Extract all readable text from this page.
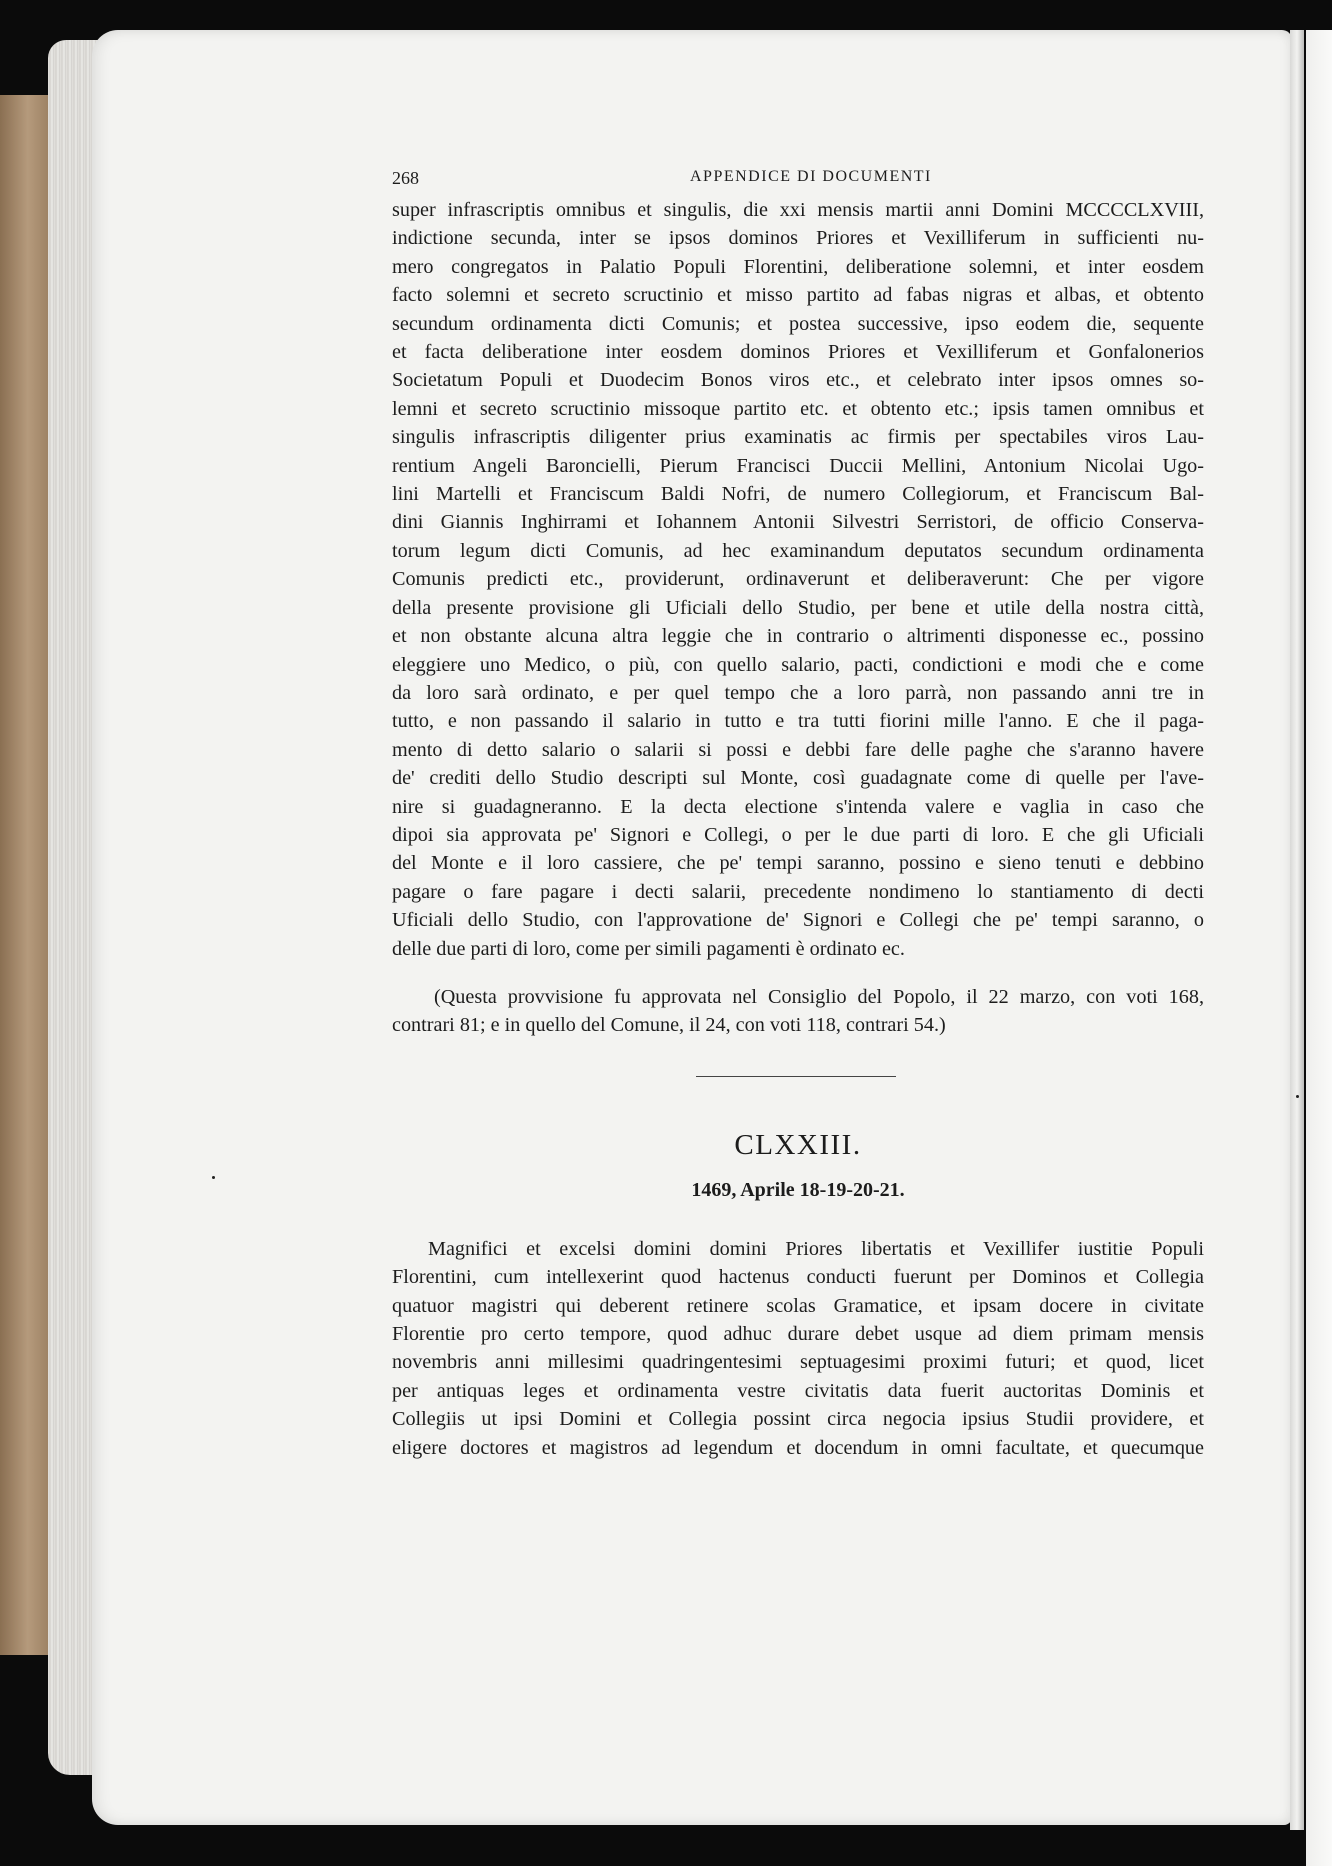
268	APPENDICE DI DOCUMENTI
super infrascriptis omnibus et singulis, die xxi mensis martii anni Domini MCCCCLXVIII,
indictione secunda, inter se ipsos dominos Priores et Vexilliferum in sufficienti nu-
mero congregatos in Palatio Populi Florentini, deliberatione solemni, et inter eosdem
facto solemni et secreto scructinio et misso partito ad fabas nigras et albas, et obtento
secundum ordinamenta dicti Comunis; et postea successive, ipso eodem die, sequente
et facta deliberatione inter eosdem dominos Priores et Vexilliferum et Gonfalonerios
Societatum Populi et Duodecim Bonos viros etc., et celebrato inter ipsos omnes so-
lemni et secreto scructinio missoque partito etc. et obtento etc.; ipsis tamen omnibus et
singulis infrascriptis diligenter prius examinatis ac firmis per spectabiles viros Lau-
rentium Angeli Baroncielli, Pierum Francisci Duccii Mellini, Antonium Nicolai Ugo-
lini Martelli et Franciscum Baldi Nofri, de numero Collegiorum, et Franciscum Bal-
dini Giannis Inghirrami et Iohannem Antonii Silvestri Serristori, de officio Conserva-
torum legum dicti Comunis, ad hec examinandum deputatos secundum ordinamenta
Comunis predicti etc., providerunt, ordinaverunt et deliberaverunt: Che per vigore
della presente provisione gli Uficiali dello Studio, per bene et utile della nostra città,
et non obstante alcuna altra leggie che in contrario o altrimenti disponesse ec., possino
eleggiere uno Medico, o più, con quello salario, pacti, condictioni e modi che e come
da loro sarà ordinato, e per quel tempo che a loro parrà, non passando anni tre in
tutto, e non passando il salario in tutto e tra tutti fiorini mille l'anno. E che il paga-
mento di detto salario o salarii si possi e debbi fare delle paghe che s'aranno havere
de' crediti dello Studio descripti sul Monte, così guadagnate come di quelle per l'ave-
nire si guadagneranno. E la decta electione s'intenda valere e vaglia in caso che
dipoi sia approvata pe' Signori e Collegi, o per le due parti di loro. E che gli Uficiali
del Monte e il loro cassiere, che pe' tempi saranno, possino e sieno tenuti e debbino
pagare o fare pagare i decti salarii, precedente nondimeno lo stantiamento di decti
Uficiali dello Studio, con l'approvatione de' Signori e Collegi che pe' tempi saranno, o
delle due parti di loro, come per simili pagamenti è ordinato ec.
(Questa provvisione fu approvata nel Consiglio del Popolo, il 22 marzo, con voti 168,
contrari 81; e in quello del Comune, il 24, con voti 118, contrari 54.)
CLXXIII.
1469, Aprile 18-19-20-21.
Magnifici et excelsi domini domini Priores libertatis et Vexillifer iustitie Populi
Florentini, cum intellexerint quod hactenus conducti fuerunt per Dominos et Collegia
quatuor magistri qui deberent retinere scolas Gramatice, et ipsam docere in civitate
Florentie pro certo tempore, quod adhuc durare debet usque ad diem primam mensis
novembris anni millesimi quadringentesimi septuagesimi proximi futuri; et quod, licet
per antiquas leges et ordinamenta vestre civitatis data fuerit auctoritas Dominis et
Collegiis ut ipsi Domini et Collegia possint circa negocia ipsius Studii providere, et
eligere doctores et magistros ad legendum et docendum in omni facultate, et quecumque
